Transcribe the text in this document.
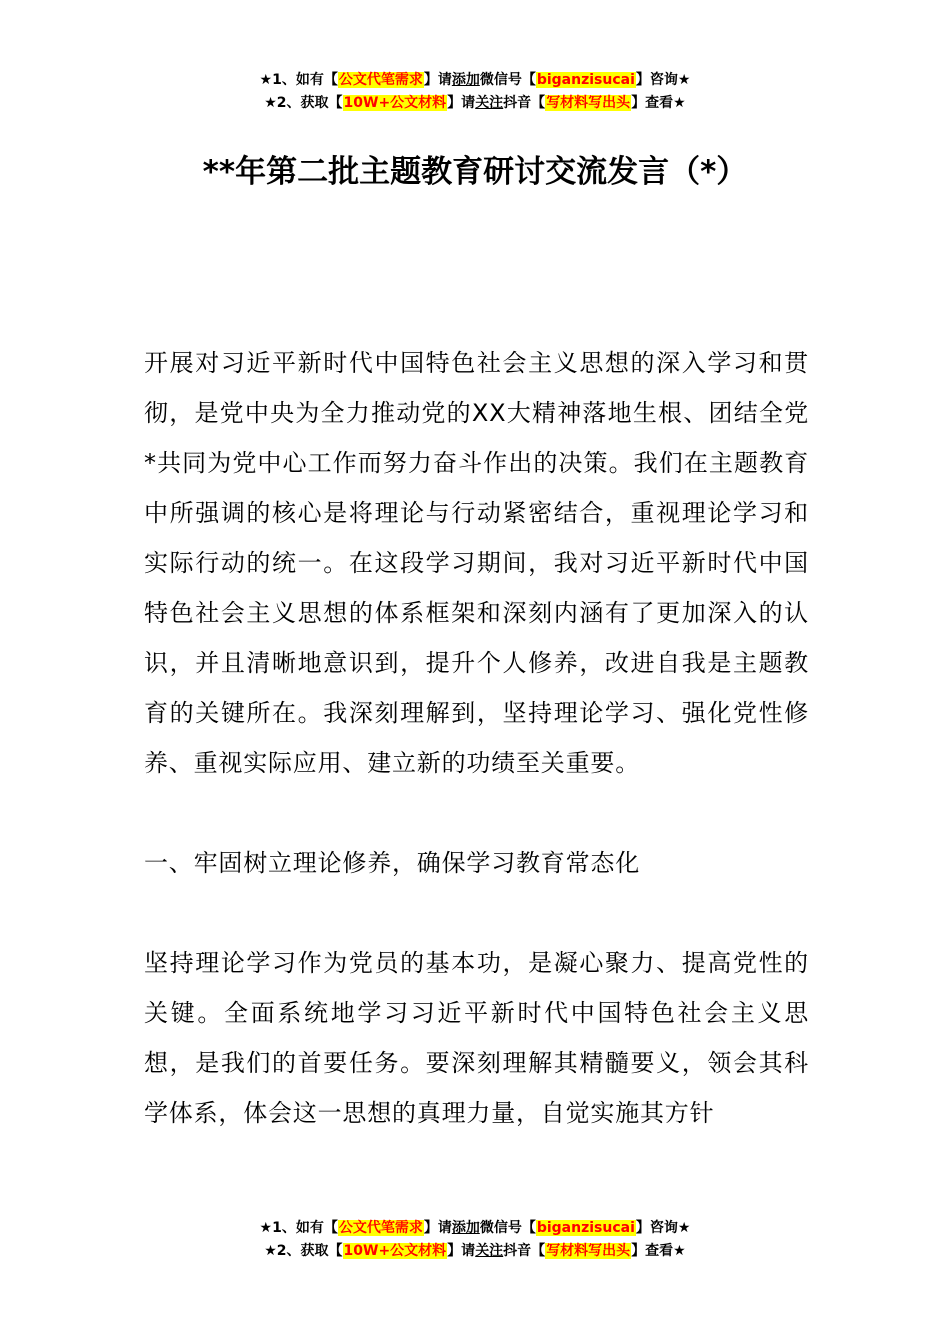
★1、如有【公文代笔需求】请添加微信号【biganzisucai】咨询★
★2、获取【10W+公文材料】请关注抖音【写材料写出头】查看★
**年第二批主题教育研讨交流发言（*）

开展对习近平新时代中国特色社会主义思想的深入学习和贯彻，是党中央为全力推动党的XX大精神落地生根、团结全党*共同为党中心工作而努力奋斗作出的决策。我们在主题教育中所强调的核心是将理论与行动紧密结合，重视理论学习和实际行动的统一。在这段学习期间，我对习近平新时代中国特色社会主义思想的体系框架和深刻内涵有了更加深入的认识，并且清晰地意识到，提升个人修养，改进自我是主题教育的关键所在。我深刻理解到，坚持理论学习、强化党性修养、重视实际应用、建立新的功绩至关重要。

一、牢固树立理论修养，确保学习教育常态化

坚持理论学习作为党员的基本功，是凝心聚力、提高党性的关键。全面系统地学习习近平新时代中国特色社会主义思想，是我们的首要任务。要深刻理解其精髓要义，领会其科学体系，体会这一思想的真理力量，自觉实施其方针

★1、如有【公文代笔需求】请添加微信号【biganzisucai】咨询★
★2、获取【10W+公文材料】请关注抖音【写材料写出头】查看★
